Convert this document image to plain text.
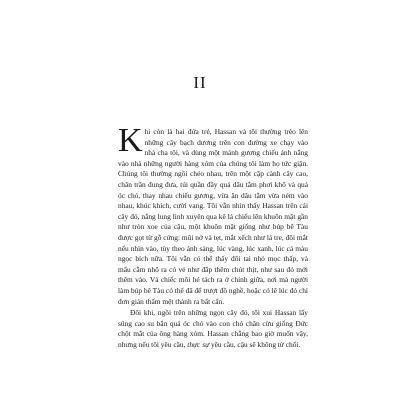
II

Khi còn là hai đứa trẻ, Hassan và tôi thường trèo lên những cây bạch dương trên con đường xe chạy vào nhà cha tôi, và dùng một mảnh gương chiếu ánh nắng vào nhà những người hàng xóm của chúng tôi làm họ tức giận. Chúng tôi thường ngồi chéo nhau, trên một cặp cành cây cao, chân trần đung đưa, túi quần đầy quả dâu tằm phơi khô và quả óc chó, thay nhau chiếu gương, vừa ăn dâu tằm vừa ném vào nhau, khúc khích, cười vang. Tôi vẫn nhìn thấy Hassan trên cái cây đó, nắng lung linh xuyên qua kẽ lá chiếu lên khuôn mặt gần như tròn xoe của cậu, một khuôn mặt giống như búp bê Tàu được gọt từ gỗ cứng: mũi nở và tẹt, mắt xếch như lá tre, đôi mắt nếu nhìn vào, tùy theo ánh sáng, lúc vàng, lúc xanh, lúc cả màu ngọc bích nữa. Tôi vẫn có thể thấy đôi tai nhỏ mọc thấp, và mẩu cằm nhô ra có vẻ như đắp thêm chút thịt, như sau đó mới thêm vào. Và chiếc môi hé tách ra ở chính giữa, nơi mà người làm búp bê Tàu có thể đã để trượt đồ nghề, hoặc có lẽ lúc đó chỉ đơn giản thấm mệt thành ra bất cẩn.

Đôi khi, ngồi trên những ngọn cây đó, tôi xui Hassan lấy súng cao su bắn quả óc chó vào con chó chăn cừu giống Đức chột mắt của ông hàng xóm. Hassan chẳng bao giờ muốn vậy, nhưng nếu tôi yêu cầu, thực sự yêu cầu, cậu sẽ không từ chối.
